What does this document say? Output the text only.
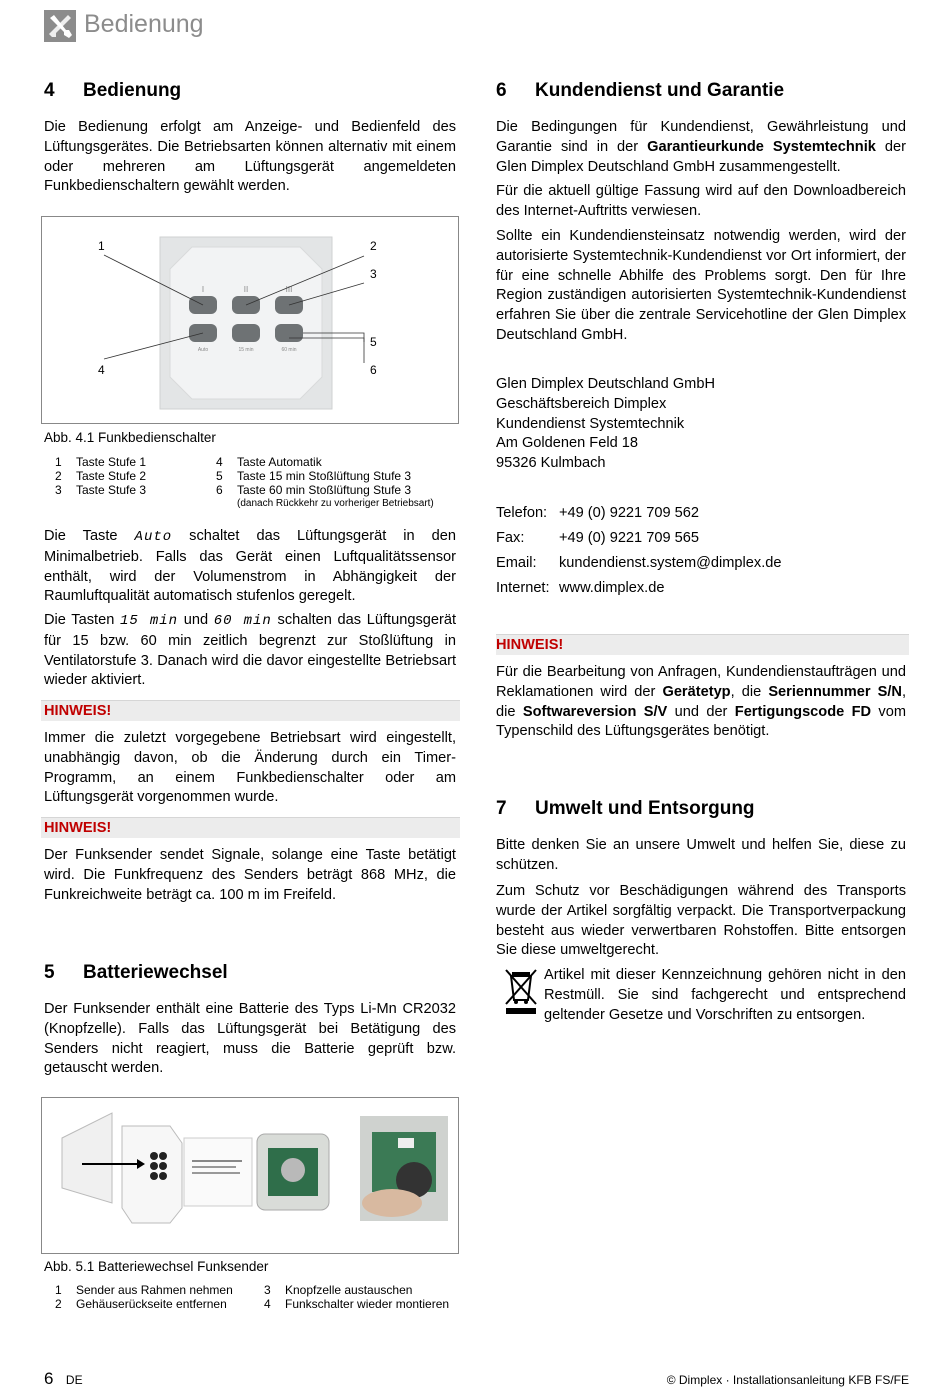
Bedienung
4 Bedienung

Die Bedienung erfolgt am Anzeige- und Bedienfeld des Lüftungsgerätes. Die Betriebsarten können alternativ mit einem oder mehreren am Lüftungsgerät angemeldeten Funkbedienschaltern gewählt werden.

I	II	III
Auto	15 min	60 min
1	2
3
4
5
6
Abb. 4.1 Funkbedienschalter
1	Taste Stufe 1
2	Taste Stufe 2
3	Taste Stufe 3
4	Taste Automatik
5	Taste 15 min Stoßlüftung Stufe 3
6	Taste 60 min Stoßlüftung Stufe 3
	(danach Rückkehr zu vorheriger Betriebsart)

Die Taste Auto schaltet das Lüftungsgerät in den Minimalbetrieb. Falls das Gerät einen Luftqualitätssensor enthält, wird der Volumenstrom in Abhängigkeit der Raumluftqualität automatisch stufenlos geregelt.

Die Tasten 15 min und 60 min schalten das Lüftungsgerät für 15 bzw. 60 min zeitlich begrenzt zur Stoßlüftung in Ventilatorstufe 3. Danach wird die davor eingestellte Betriebsart wieder aktiviert.

HINWEIS!

Immer die zuletzt vorgegebene Betriebsart wird eingestellt, unabhängig davon, ob die Änderung durch ein Timer-Programm, an einem Funkbedienschalter oder am Lüftungsgerät vorgenommen wurde.

HINWEIS!

Der Funksender sendet Signale, solange eine Taste betätigt wird. Die Funkfrequenz des Senders beträgt 868 MHz, die Funkreichweite beträgt ca. 100 m im Freifeld.

5 Batteriewechsel

Der Funksender enthält eine Batterie des Typs Li-Mn CR2032 (Knopfzelle). Falls das Lüftungsgerät bei Betätigung des Senders nicht reagiert, muss die Batterie geprüft bzw. getauscht werden.

Abb. 5.1 Batteriewechsel Funksender
1	Sender aus Rahmen nehmen
2	Gehäuserückseite entfernen
3	Knopfzelle austauschen
4	Funkschalter wieder montieren
6 Kundendienst und Garantie

Die Bedingungen für Kundendienst, Gewährleistung und Garantie sind in der Garantieurkunde Systemtechnik der Glen Dimplex Deutschland GmbH zusammengestellt.

Für die aktuell gültige Fassung wird auf den Downloadbereich des Internet-Auftritts verwiesen.

Sollte ein Kundendiensteinsatz notwendig werden, wird der autorisierte Systemtechnik-Kundendienst vor Ort informiert, der für eine schnelle Abhilfe des Problems sorgt. Den für Ihre Region zuständigen autorisierten Systemtechnik-Kundendienst erfahren Sie über die zentrale Servicehotline der Glen Dimplex Deutschland GmbH.

Glen Dimplex Deutschland GmbH
Geschäftsbereich Dimplex
Kundendienst Systemtechnik
Am Goldenen Feld 18
95326 Kulmbach
Telefon:	+49 (0) 9221 709 562
Fax:	+49 (0) 9221 709 565
Email:	kundendienst.system@dimplex.de
Internet:	www.dimplex.de
HINWEIS!

Für die Bearbeitung von Anfragen, Kundendienstaufträgen und Reklamationen wird der Gerätetyp, die Seriennummer S/N, die Softwareversion S/V und der Fertigungscode FD vom Typenschild des Lüftungsgerätes benötigt.

7 Umwelt und Entsorgung

Bitte denken Sie an unsere Umwelt und helfen Sie, diese zu schützen.

Zum Schutz vor Beschädigungen während des Transports wurde der Artikel sorgfältig verpackt. Die Transportverpackung besteht aus wieder verwertbaren Rohstoffen. Bitte entsorgen Sie diese umweltgerecht.

Artikel mit dieser Kennzeichnung gehören nicht in den Restmüll. Sie sind fachgerecht und entsprechend geltender Gesetze und Vorschriften zu entsorgen.

6 DE	© Dimplex · Installationsanleitung KFB FS/FE
